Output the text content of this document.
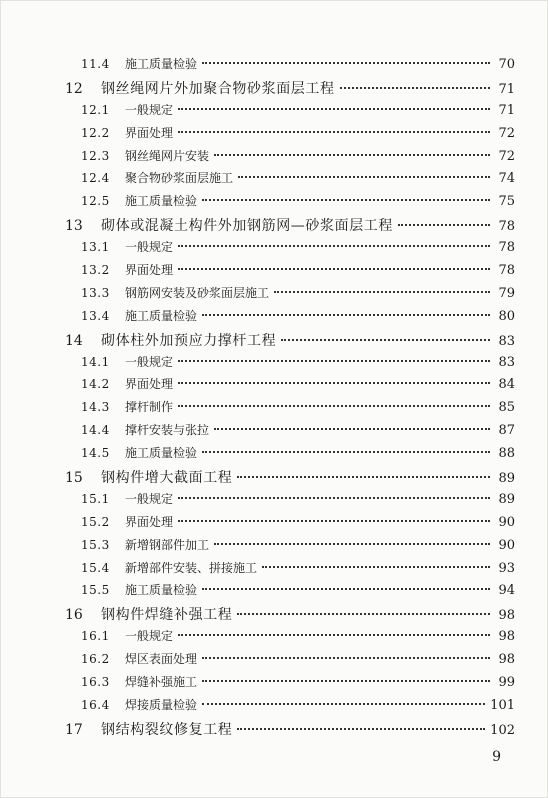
11.4	施工质量检验	70
12	钢丝绳网片外加聚合物砂浆面层工程	71
12.1	一般规定	71
12.2	界面处理	72
12.3	钢丝绳网片安装	72
12.4	聚合物砂浆面层施工	74
12.5	施工质量检验	75
13	砌体或混凝土构件外加钢筋网—砂浆面层工程	78
13.1	一般规定	78
13.2	界面处理	78
13.3	钢筋网安装及砂浆面层施工	79
13.4	施工质量检验	80
14	砌体柱外加预应力撑杆工程	83
14.1	一般规定	83
14.2	界面处理	84
14.3	撑杆制作	85
14.4	撑杆安装与张拉	87
14.5	施工质量检验	88
15	钢构件增大截面工程	89
15.1	一般规定	89
15.2	界面处理	90
15.3	新增钢部件加工	90
15.4	新增部件安装、拼接施工	93
15.5	施工质量检验	94
16	钢构件焊缝补强工程	98
16.1	一般规定	98
16.2	焊区表面处理	98
16.3	焊缝补强施工	99
16.4	焊接质量检验	101
17	钢结构裂纹修复工程	102
9
